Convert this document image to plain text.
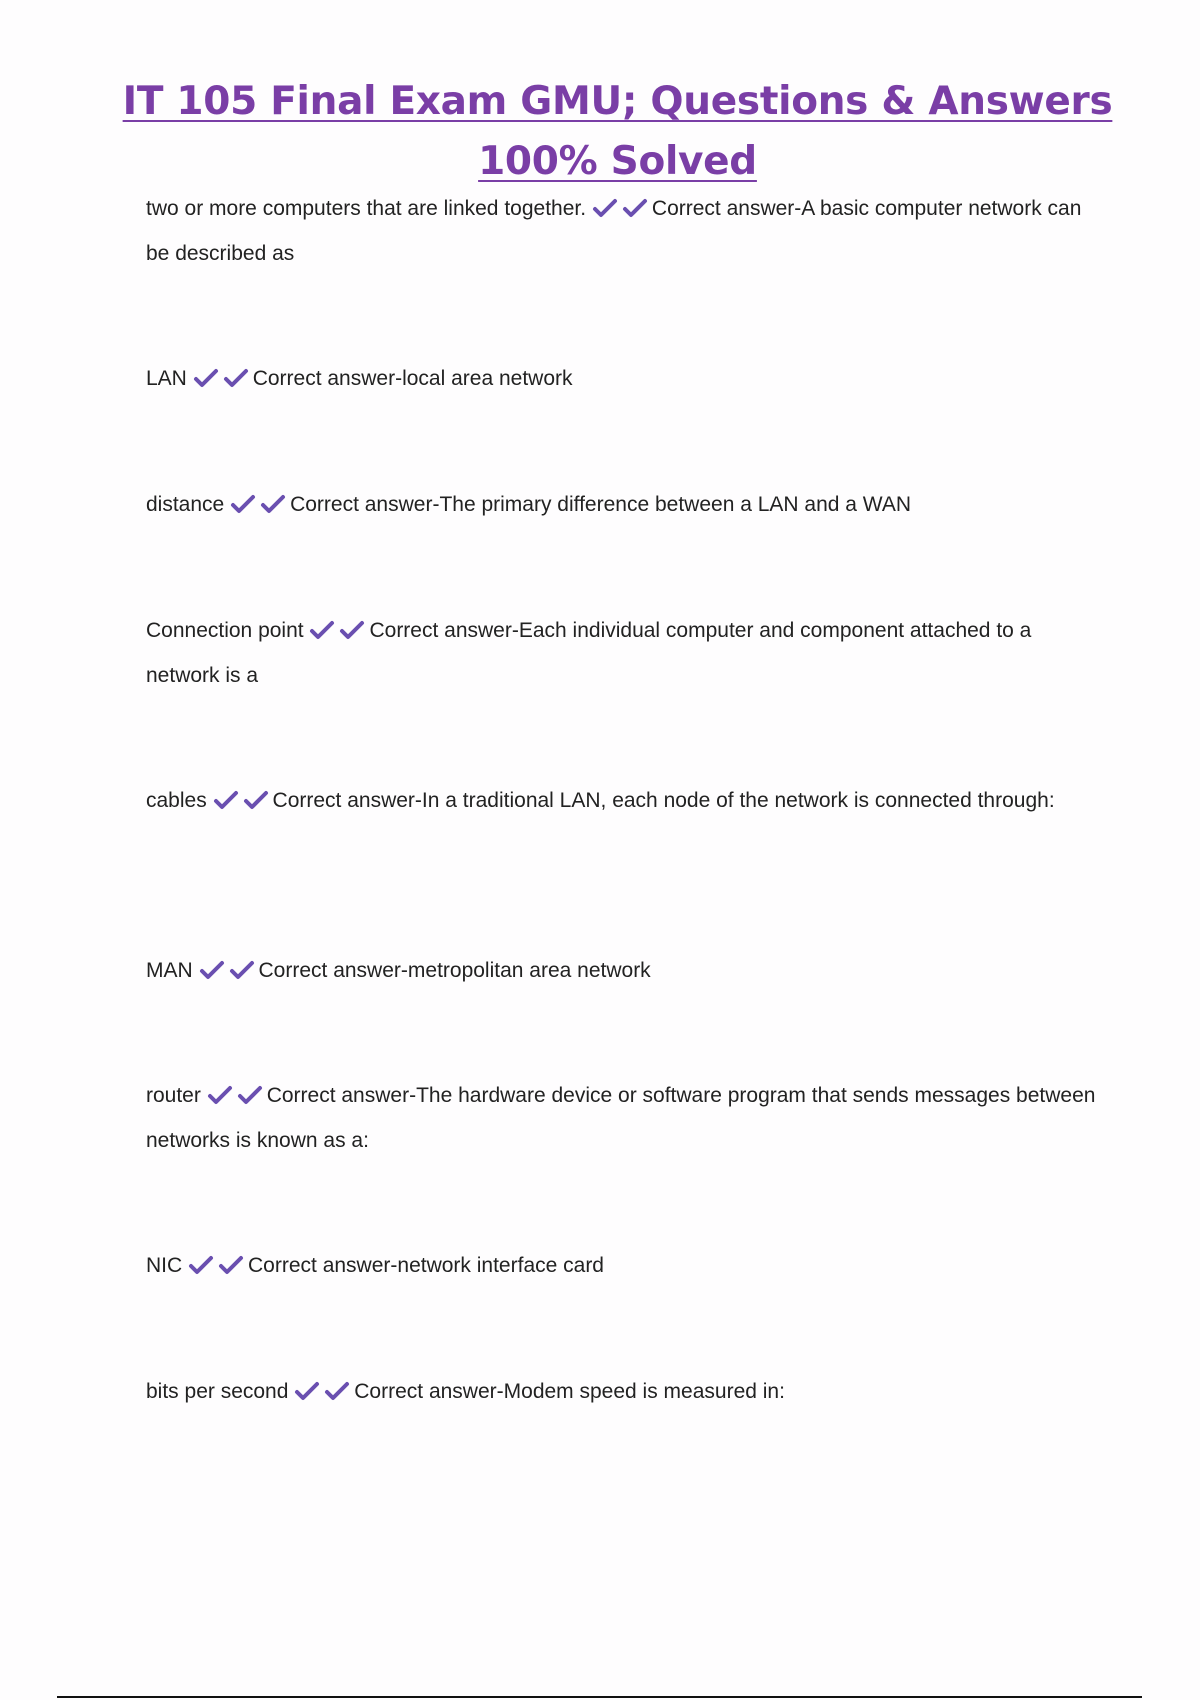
IT 105 Final Exam GMU; Questions & Answers
100% Solved
two or more computers that are linked together.	Correct answer-A basic computer network can be described as
LAN	Correct answer-local area network
distance	Correct answer-The primary difference between a LAN and a WAN
Connection point	Correct answer-Each individual computer and component attached to a network is a
cables	Correct answer-In a traditional LAN, each node of the network is connected through:
MAN	Correct answer-metropolitan area network
router	Correct answer-The hardware device or software program that sends messages between networks is known as a:
NIC	Correct answer-network interface card
bits per second	Correct answer-Modem speed is measured in:
